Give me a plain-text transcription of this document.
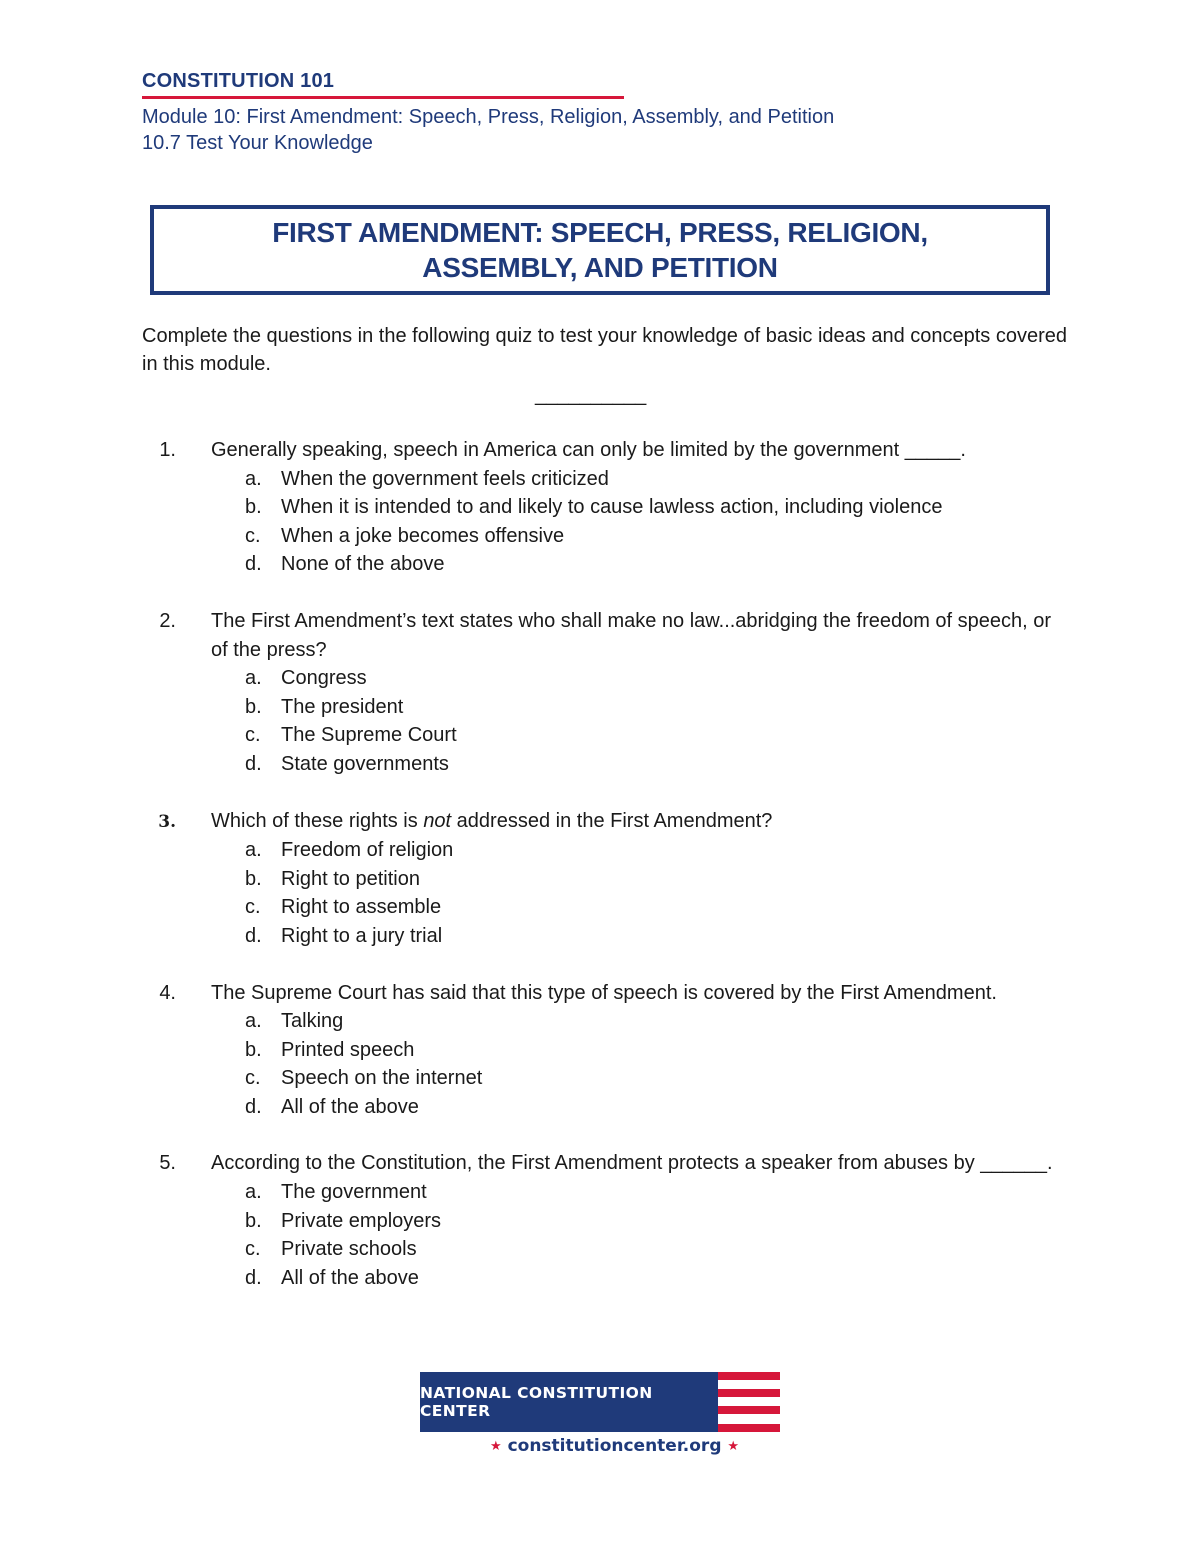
CONSTITUTION 101
Module 10: First Amendment: Speech, Press, Religion, Assembly, and Petition
10.7 Test Your Knowledge
FIRST AMENDMENT: SPEECH, PRESS, RELIGION,
ASSEMBLY, AND PETITION
Complete the questions in the following quiz to test your knowledge of basic ideas and concepts covered in this module.
__________
1.	Generally speaking, speech in America can only be limited by the government _____.
a. When the government feels criticized
b. When it is intended to and likely to cause lawless action, including violence
c.	When a joke becomes offensive
d. None of the above
2.	The First Amendment’s text states who shall make no law...abridging the freedom of speech, or of the press?
a. Congress
b. The president
c.	The Supreme Court
d. State governments
3.	Which of these rights is not addressed in the First Amendment?
a. Freedom of religion
b. Right to petition
c.	Right to assemble
d. Right to a jury trial
4.	The Supreme Court has said that this type of speech is covered by the First Amendment.
a. Talking
b. Printed speech
c.	Speech on the internet
d. All of the above
5.	According to the Constitution, the First Amendment protects a speaker from abuses by ______.
a. The government
b. Private employers
c.	Private schools
d. All of the above
NATIONAL CONSTITUTION CENTER
★ constitutioncenter.org ★
